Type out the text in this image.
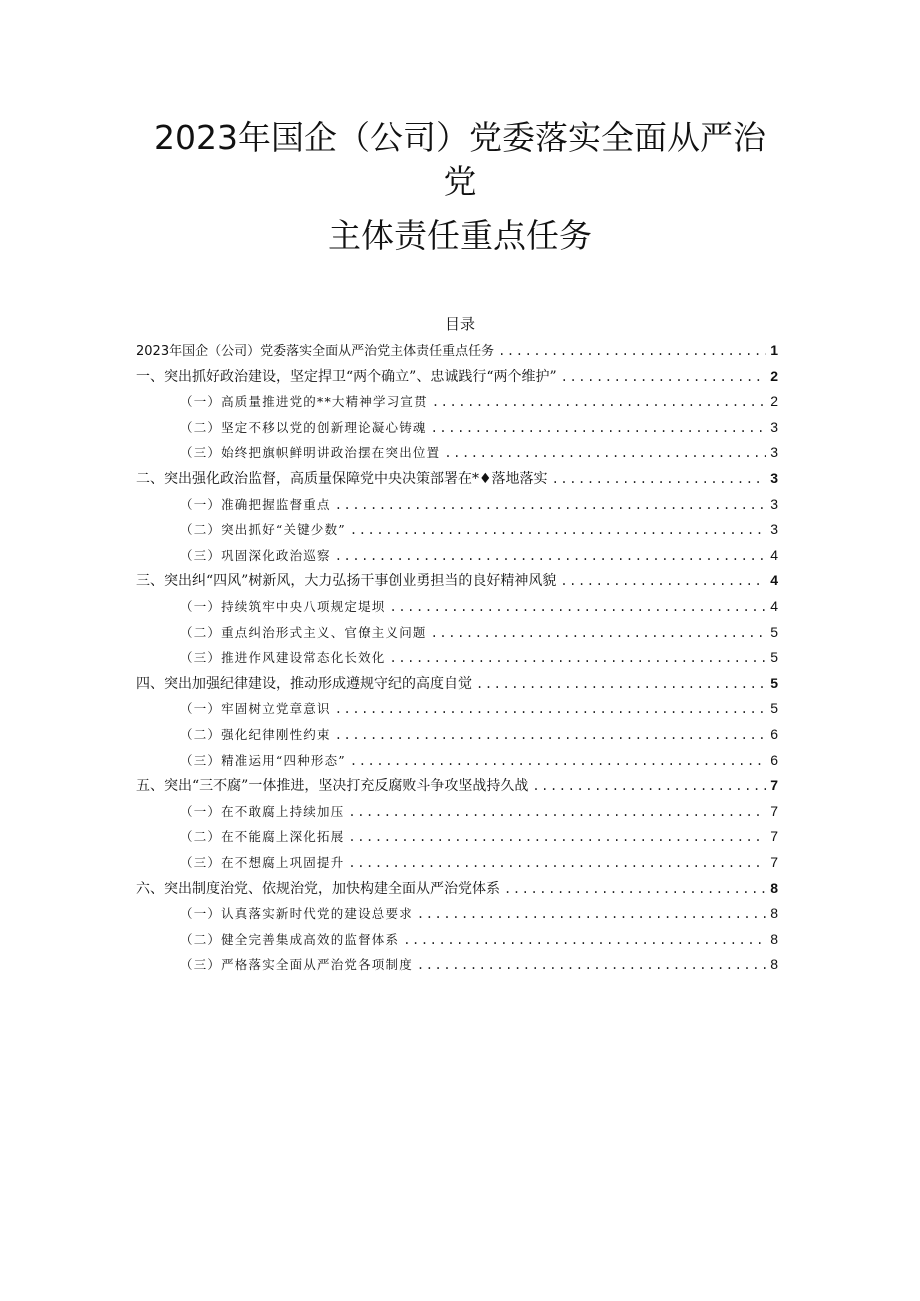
2023年国企（公司）党委落实全面从严治
党
主体责任重点任务
目录
2023年国企（公司）党委落实全面从严治党主体责任重点任务 .....	1
一、突出抓好政治建设，坚定捍卫“两个确立”、忠诚践行“两个维护” .....	2
（一）高质量推进党的**大精神学习宣贯 .....	2
（二）坚定不移以党的创新理论凝心铸魂 .....	3
（三）始终把旗帜鲜明讲政治摆在突出位置 .....	3
二、突出强化政治监督，高质量保障党中央决策部署在*♦落地落实 .....	3
（一）准确把握监督重点 .....	3
（二）突出抓好“关键少数” .....	3
（三）巩固深化政治巡察 .....	4
三、突出纠“四风”树新风，大力弘扬干事创业勇担当的良好精神风貌 .....	4
（一）持续筑牢中央八项规定堤坝 .....	4
（二）重点纠治形式主义、官僚主义问题 .....	5
（三）推进作风建设常态化长效化 .....	5
四、突出加强纪律建设，推动形成遵规守纪的高度自觉 .....	5
（一）牢固树立党章意识 .....	5
（二）强化纪律刚性约束 .....	6
（三）精准运用“四种形态” .....	6
五、突出“三不腐”一体推进，坚决打充反腐败斗争攻坚战持久战 .....	7
（一）在不敢腐上持续加压 .....	7
（二）在不能腐上深化拓展 .....	7
（三）在不想腐上巩固提升 .....	7
六、突出制度治党、依规治党，加快构建全面从严治党体系 .....	8
（一）认真落实新时代党的建设总要求 .....	8
（二）健全完善集成高效的监督体系 .....	8
（三）严格落实全面从严治党各项制度 .....	8
